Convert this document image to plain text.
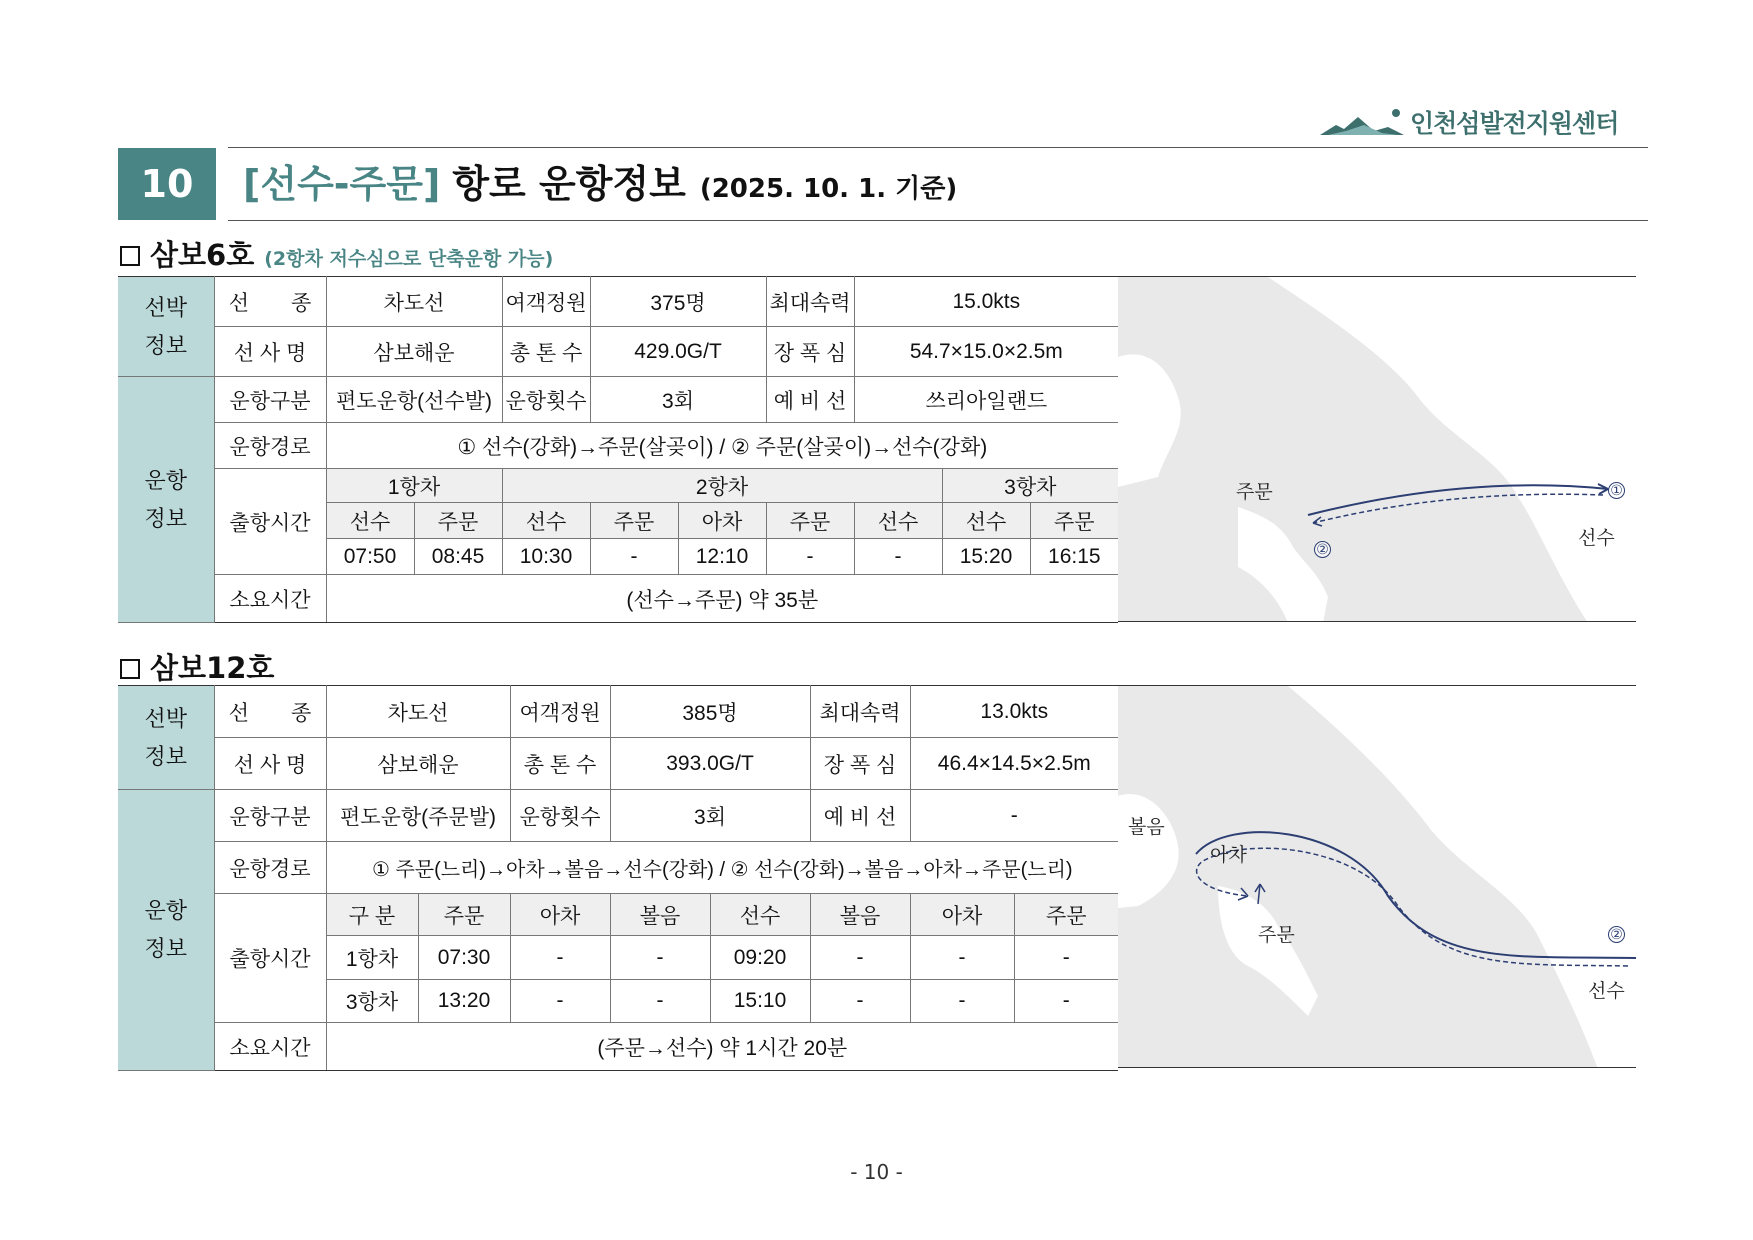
인천섬발전지원센터
10	[선수-주문] 항로 운항정보 (2025. 10. 1. 기준)
삼보6호 (2항차 저수심으로 단축운항 가능)
선박
정보	선　　종	차도선		여객정원	375명		최대속력	15.0kts		
	선 사 명	삼보해운		총 톤 수	429.0G/T		장 폭 심	54.7×15.0×2.5m		

운항
정보	운항구분	편도운항(선수발)		운항횟수	3회		예 비 선	쓰리아일랜드		
	운항경로	① 선수(강화)→주문(살곶이) / ② 주문(살곶이)→선수(강화)								
	출항시간	1항차		2항차					3항차	
		선수	주문	선수	주문	아차	주문	선수	선수	주문
		07:50	08:45	10:30	-	12:10	-	-	15:20	16:15
	소요시간	(선수→주문) 약 35분								
주문
선수
①
②
삼보12호
선박
정보	선　　종	차도선		여객정원	385명		최대속력	13.0kts	
	선 사 명	삼보해운		총 톤 수	393.0G/T		장 폭 심	46.4×14.5×2.5m	

운항
정보	운항구분	편도운항(주문발)		운항횟수	3회		예 비 선	-	
	운항경로	① 주문(느리)→아차→볼음→선수(강화) / ② 선수(강화)→볼음→아차→주문(느리)							
	출항시간	구 분	주문	아차	볼음	선수	볼음	아차	주문
		1항차	07:30	-	-	09:20	-	-	-
		3항차	13:20	-	-	15:10	-	-	-
	소요시간	(주문→선수) 약 1시간 20분							
볼음
아차
주문
선수
②
- 10 -
